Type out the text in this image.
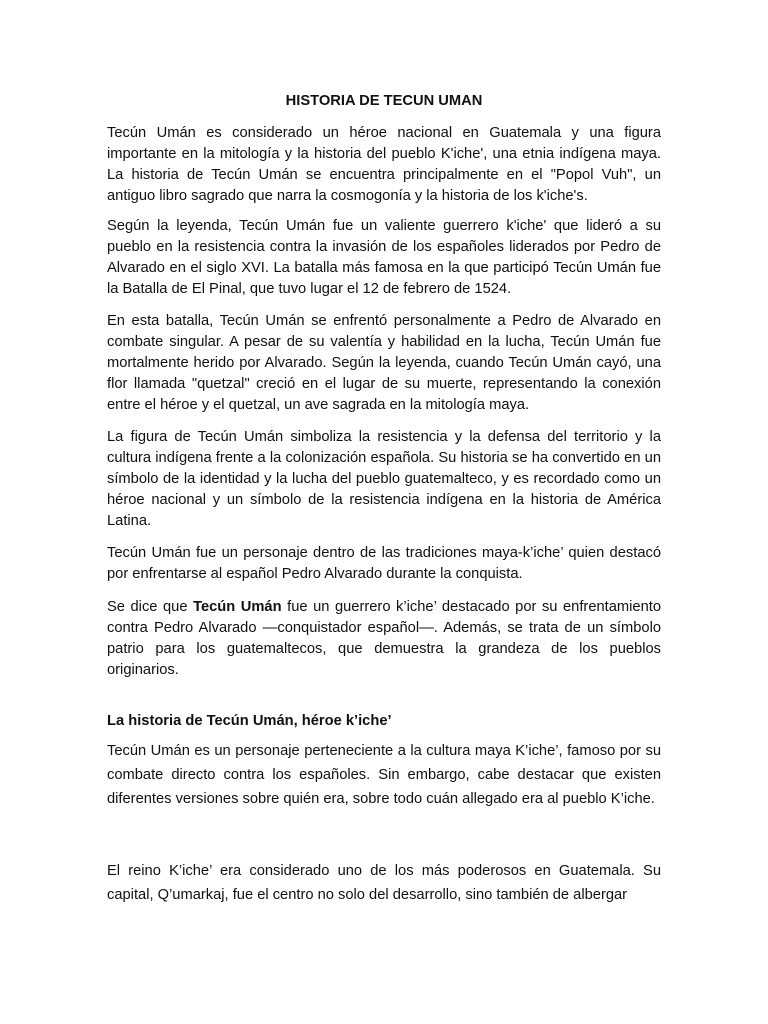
HISTORIA DE TECUN UMAN

Tecún Umán es considerado un héroe nacional en Guatemala y una figura importante en la mitología y la historia del pueblo K'iche', una etnia indígena maya. La historia de Tecún Umán se encuentra principalmente en el "Popol Vuh", un antiguo libro sagrado que narra la cosmogonía y la historia de los k'iche's.

Según la leyenda, Tecún Umán fue un valiente guerrero k'iche' que lideró a su pueblo en la resistencia contra la invasión de los españoles liderados por Pedro de Alvarado en el siglo XVI. La batalla más famosa en la que participó Tecún Umán fue la Batalla de El Pinal, que tuvo lugar el 12 de febrero de 1524.

En esta batalla, Tecún Umán se enfrentó personalmente a Pedro de Alvarado en combate singular. A pesar de su valentía y habilidad en la lucha, Tecún Umán fue mortalmente herido por Alvarado. Según la leyenda, cuando Tecún Umán cayó, una flor llamada "quetzal" creció en el lugar de su muerte, representando la conexión entre el héroe y el quetzal, un ave sagrada en la mitología maya.

La figura de Tecún Umán simboliza la resistencia y la defensa del territorio y la cultura indígena frente a la colonización española. Su historia se ha convertido en un símbolo de la identidad y la lucha del pueblo guatemalteco, y es recordado como un héroe nacional y un símbolo de la resistencia indígena en la historia de América Latina.

Tecún Umán fue un personaje dentro de las tradiciones maya-k’iche’ quien destacó por enfrentarse al español Pedro Alvarado durante la conquista.

Se dice que Tecún Umán fue un guerrero k’iche’ destacado por su enfrentamiento contra Pedro Alvarado —conquistador español—. Además, se trata de un símbolo patrio para los guatemaltecos, que demuestra la grandeza de los pueblos originarios.

La historia de Tecún Umán, héroe k’iche’

Tecún Umán es un personaje perteneciente a la cultura maya K’iche’, famoso por su combate directo contra los españoles. Sin embargo, cabe destacar que existen diferentes versiones sobre quién era, sobre todo cuán allegado era al pueblo K’iche.

El reino K’iche’ era considerado uno de los más poderosos en Guatemala. Su capital, Q’umarkaj, fue el centro no solo del desarrollo, sino también de albergar
